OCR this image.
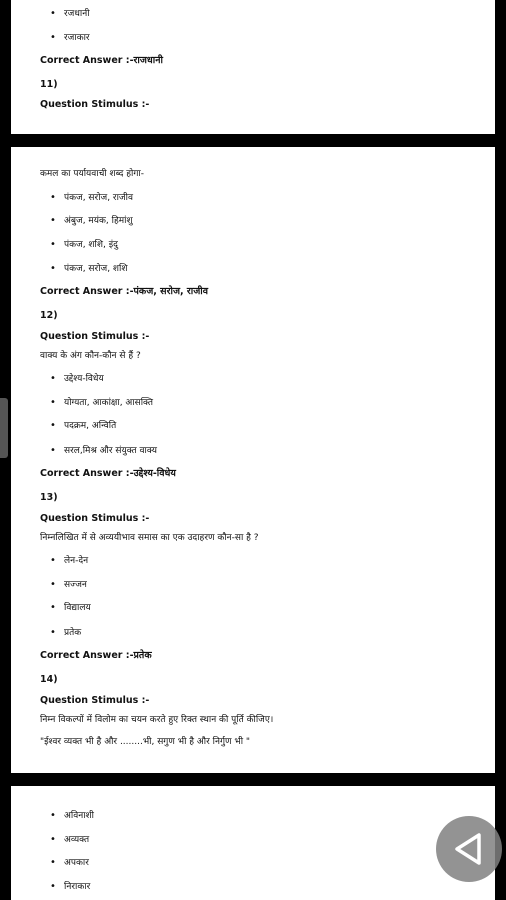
• रजधानी
• रजाकार
Correct Answer :-राजधानी
11)
Question Stimulus :-
कमल का पर्यायवाची शब्द होगा-
• पंकज, सरोज, राजीव
• अंबुज, मयंक, हिमांशु
• पंकज, शशि, इंदु
• पंकज, सरोज, शशि
Correct Answer :-पंकज, सरोज, राजीव
12)
Question Stimulus :-
वाक्य के अंग कौन-कौन से हैं ?
• उद्देश्य-विधेय
• योग्यता, आकांक्षा, आसक्ति
• पदक्रम, अन्विति
• सरल,मिश्र और संयुक्त वाक्य
Correct Answer :-उद्देश्य-विधेय
13)
Question Stimulus :-
निम्नलिखित में से अव्ययीभाव समास का एक उदाहरण कौन-सा है ?
• लेन-देन
• सज्जन
• विद्यालय
• प्रतेक
Correct Answer :-प्रतेक
14)
Question Stimulus :-
निम्न विकल्पों में विलोम का चयन करते हुए रिक्त स्थान की पूर्ति कीजिए।
"ईश्वर व्यक्त भी है और ........भी, सगुण भी है और निर्गुण भी "
• अविनाशी
• अव्यक्त
• अपकार
• निराकार
